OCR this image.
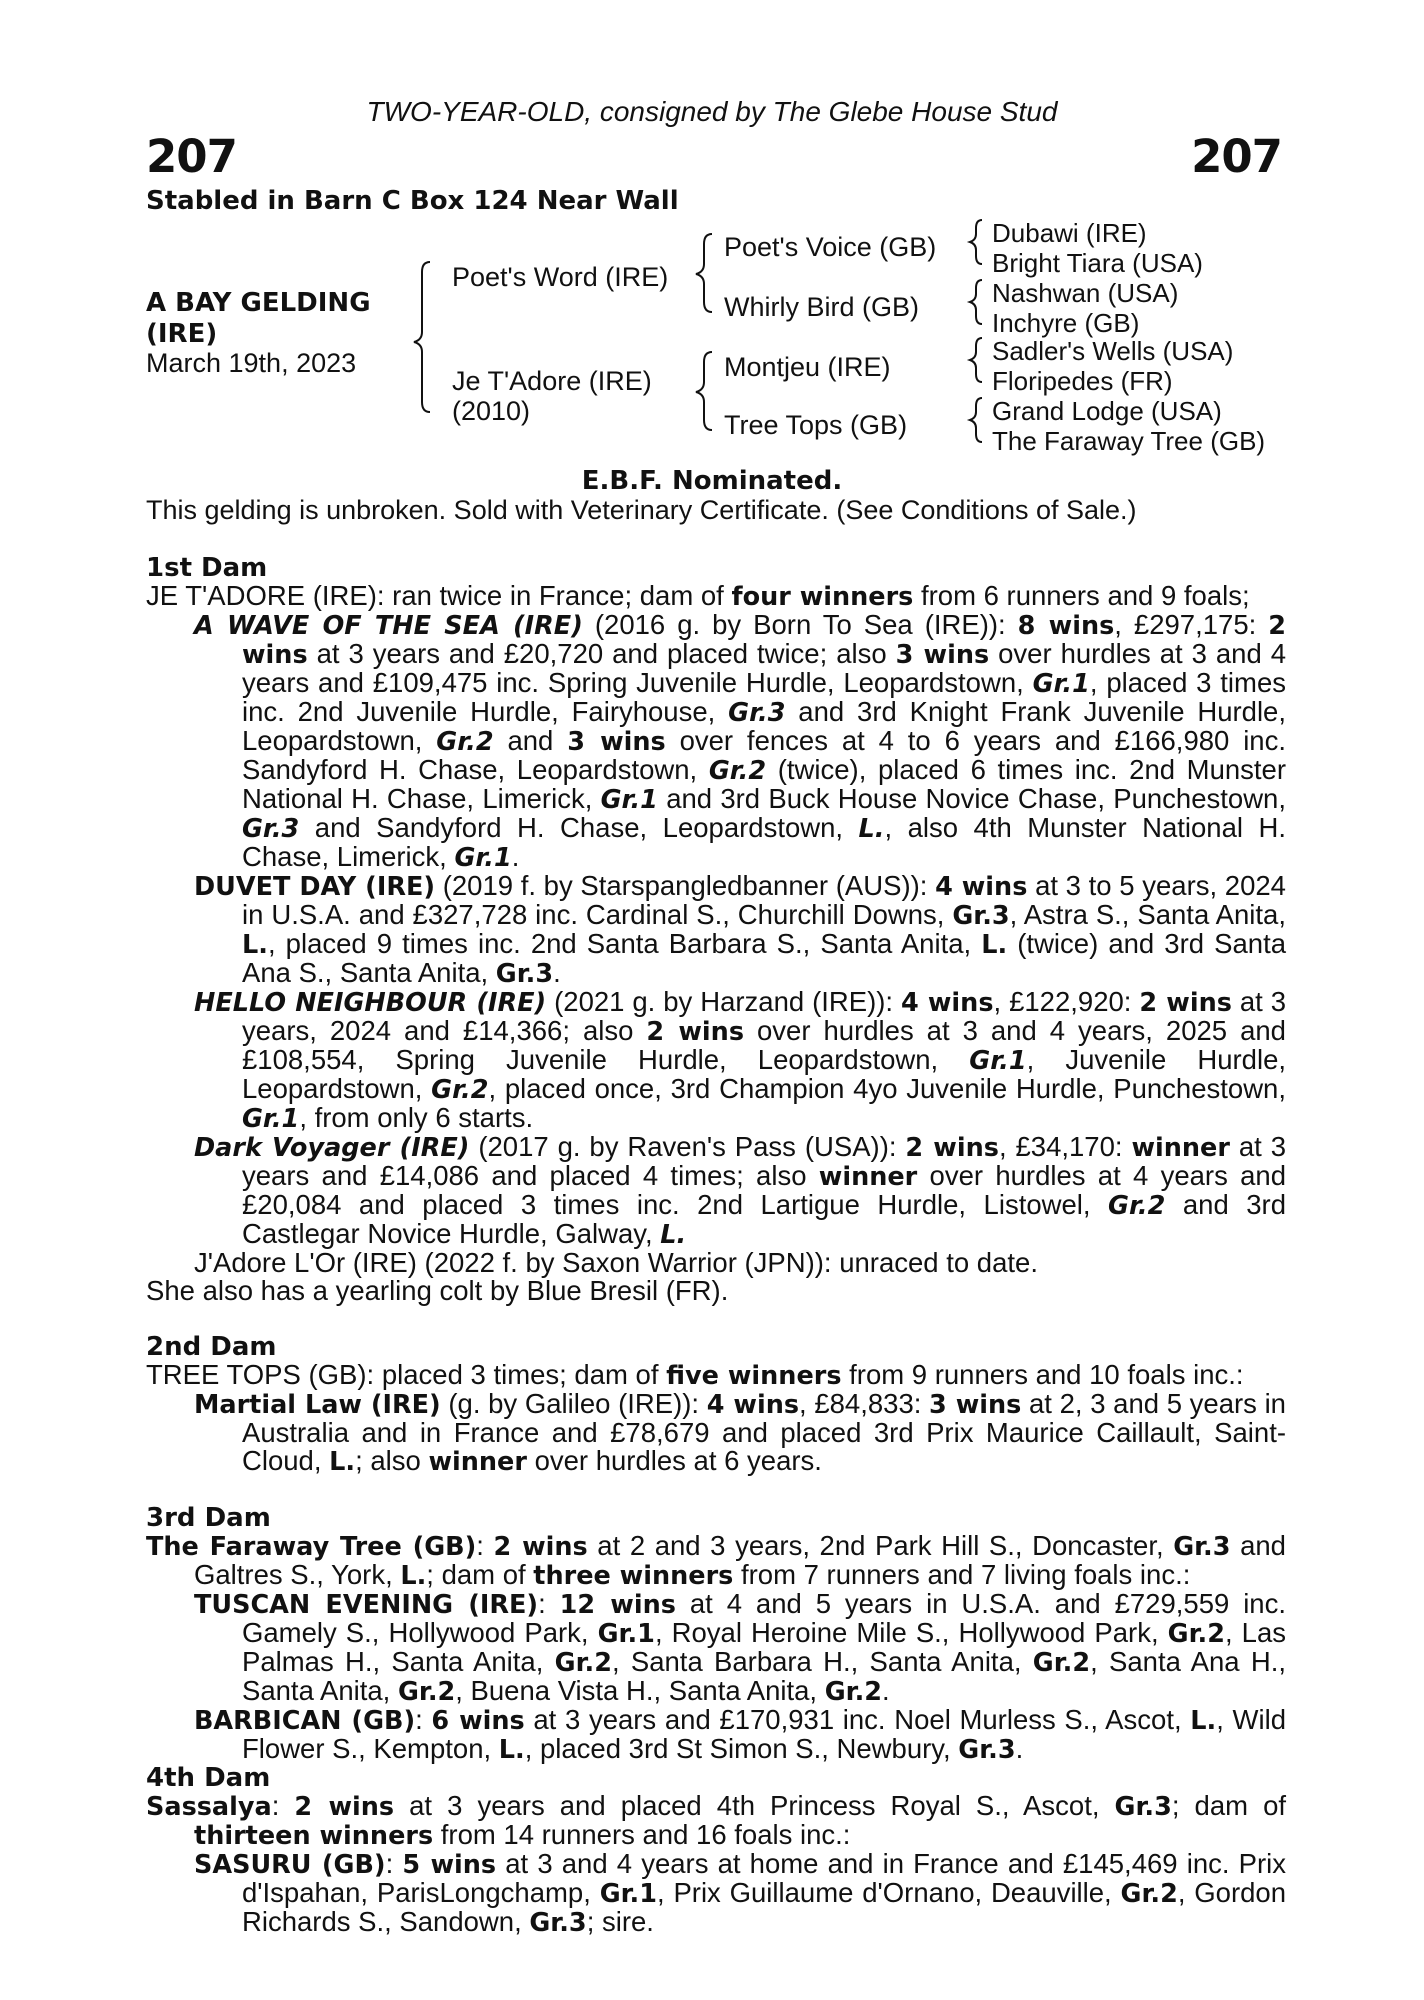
TWO-YEAR-OLD, consigned by The Glebe House Stud
207	207
Stabled in Barn C Box 124 Near Wall
A BAY GELDING
(IRE)
March 19th, 2023
Poet's Word (IRE)
Je T'Adore (IRE)
(2010)
Poet's Voice (GB)
Whirly Bird (GB)
Montjeu (IRE)
Tree Tops (GB)
Dubawi (IRE)
Bright Tiara (USA)
Nashwan (USA)
Inchyre (GB)
Sadler's Wells (USA)
Floripedes (FR)
Grand Lodge (USA)
The Faraway Tree (GB)
E.B.F. Nominated.
This gelding is unbroken. Sold with Veterinary Certificate. (See Conditions of Sale.)
1st Dam

JE T'ADORE (IRE): ran twice in France; dam of four winners from 6 runners and 9 foals;

A WAVE OF THE SEA (IRE) (2016 g. by Born To Sea (IRE)): 8 wins, £297,175: 2 wins at 3 years and £20,720 and placed twice; also 3 wins over hurdles at 3 and 4 years and £109,475 inc. Spring Juvenile Hurdle, Leopardstown, Gr.1, placed 3 times inc. 2nd Juvenile Hurdle, Fairyhouse, Gr.3 and 3rd Knight Frank Juvenile Hurdle, Leopardstown, Gr.2 and 3 wins over fences at 4 to 6 years and £166,980 inc. Sandyford H. Chase, Leopardstown, Gr.2 (twice), placed 6 times inc. 2nd Munster National H. Chase, Limerick, Gr.1 and 3rd Buck House Novice Chase, Punchestown, Gr.3 and Sandyford H. Chase, Leopardstown, L., also 4th Munster National H. Chase, Limerick, Gr.1.

DUVET DAY (IRE) (2019 f. by Starspangledbanner (AUS)): 4 wins at 3 to 5 years, 2024 in U.S.A. and £327,728 inc. Cardinal S., Churchill Downs, Gr.3, Astra S., Santa Anita, L., placed 9 times inc. 2nd Santa Barbara S., Santa Anita, L. (twice) and 3rd Santa Ana S., Santa Anita, Gr.3.

HELLO NEIGHBOUR (IRE) (2021 g. by Harzand (IRE)): 4 wins, £122,920: 2 wins at 3 years, 2024 and £14,366; also 2 wins over hurdles at 3 and 4 years, 2025 and £108,554, Spring Juvenile Hurdle, Leopardstown, Gr.1, Juvenile Hurdle, Leopardstown, Gr.2, placed once, 3rd Champion 4yo Juvenile Hurdle, Punchestown, Gr.1, from only 6 starts.

Dark Voyager (IRE) (2017 g. by Raven's Pass (USA)): 2 wins, £34,170: winner at 3 years and £14,086 and placed 4 times; also winner over hurdles at 4 years and £20,084 and placed 3 times inc. 2nd Lartigue Hurdle, Listowel, Gr.2 and 3rd Castlegar Novice Hurdle, Galway, L.

J'Adore L'Or (IRE) (2022 f. by Saxon Warrior (JPN)): unraced to date.

She also has a yearling colt by Blue Bresil (FR).

2nd Dam

TREE TOPS (GB): placed 3 times; dam of five winners from 9 runners and 10 foals inc.:

Martial Law (IRE) (g. by Galileo (IRE)): 4 wins, £84,833: 3 wins at 2, 3 and 5 years in Australia and in France and £78,679 and placed 3rd Prix Maurice Caillault, Saint-Cloud, L.; also winner over hurdles at 6 years.

3rd Dam

The Faraway Tree (GB): 2 wins at 2 and 3 years, 2nd Park Hill S., Doncaster, Gr.3 and Galtres S., York, L.; dam of three winners from 7 runners and 7 living foals inc.:

TUSCAN EVENING (IRE): 12 wins at 4 and 5 years in U.S.A. and £729,559 inc. Gamely S., Hollywood Park, Gr.1, Royal Heroine Mile S., Hollywood Park, Gr.2, Las Palmas H., Santa Anita, Gr.2, Santa Barbara H., Santa Anita, Gr.2, Santa Ana H., Santa Anita, Gr.2, Buena Vista H., Santa Anita, Gr.2.

BARBICAN (GB): 6 wins at 3 years and £170,931 inc. Noel Murless S., Ascot, L., Wild Flower S., Kempton, L., placed 3rd St Simon S., Newbury, Gr.3.

4th Dam

Sassalya: 2 wins at 3 years and placed 4th Princess Royal S., Ascot, Gr.3; dam of thirteen winners from 14 runners and 16 foals inc.:

SASURU (GB): 5 wins at 3 and 4 years at home and in France and £145,469 inc. Prix d'Ispahan, ParisLongchamp, Gr.1, Prix Guillaume d'Ornano, Deauville, Gr.2, Gordon Richards S., Sandown, Gr.3; sire.
